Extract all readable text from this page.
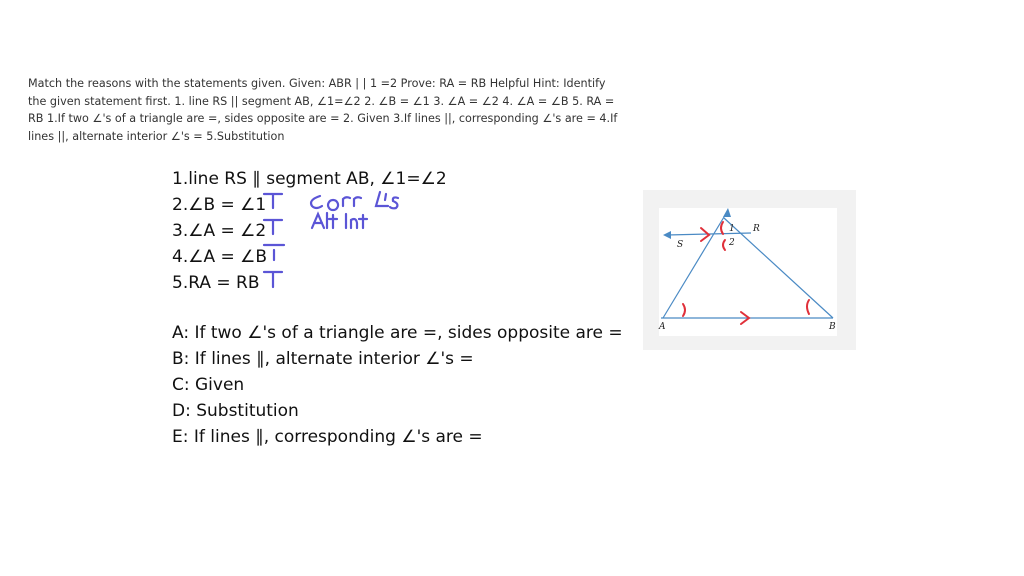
Match the reasons with the statements given. Given: ABR | | 1 =2 Prove: RA = RB Helpful Hint: Identify the given statement first. 1. line RS || segment AB, ∠1=∠2 2. ∠B = ∠1 3. ∠A = ∠2 4. ∠A = ∠B 5. RA = RB 1.If two ∠'s of a triangle are =, sides opposite are = 2. Given 3.If lines ||, corresponding ∠'s are = 4.If lines ||, alternate interior ∠'s = 5.Substitution
1.line RS ∥ segment AB, ∠1=∠2
2.∠B = ∠1
3.∠A = ∠2
4.∠A = ∠B
5.RA = RB
A: If two ∠'s of a triangle are =, sides opposite are =
B: If lines ∥, alternate interior ∠'s =
C: Given
D: Substitution
E: If lines ∥, corresponding ∠'s are =
S
R
A	B
1
2
